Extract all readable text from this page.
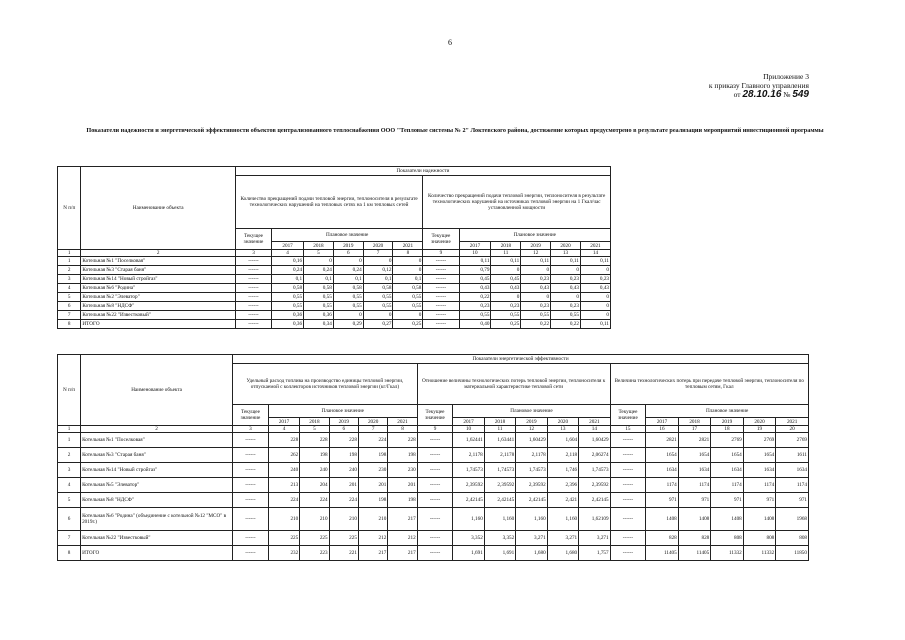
6
Приложение 3
к приказу Главного управления
от 28.10.16 № 549
Показатели надежности и энергетической эффективности объектов централизованного теплоснабжения ООО "Тепловые системы № 2" Локтевского района, достижение которых предусмотрено в результате реализации мероприятий инвестиционной программы
N п/п	Наименование объекта	Показатели надежности											
		Количество прекращений подачи тепловой энергии, теплоносителя в результате технологических нарушений на тепловых сетях на 1 км тепловых сетей						Количество прекращений подачи тепловой энергии, теплоносителя в результате технологических нарушений на источниках тепловой энергии на 1 Гкал/час установленной мощности					
		Текущее значение	Плановое значение					Текущее значение	Плановое значение				
			2017	2018	2019	2020	2021		2017	2018	2019	2020	2021
1	2	3	4	5	6	7	8	9	10	11	12	13	14
1	Котельная №1 "Поселковая"	------	0,16	0	0	0	0	------	0,11	0,11	0,11	0,11	0,11
2	Котельная №3 "Старая баня"	------	0,24	0,24	0,24	0,12	0	------	0,79	0	0	0	0
3	Котельная №14 "Новый стройгаз"	------	0,1	0,1	0,1	0,1	0,1	------	0,45	0,45	0,23	0,23	0,23
4	Котельная №6 "Родина"	------	0,58	0,58	0,58	0,58	0,58	------	0,43	0,43	0,43	0,43	0,43
5	Котельная №2 "Элеватор"	------	0,55	0,55	0,55	0,55	0,55	------	0,22	0	0	0	0
6	Котельная №8 "НДСФ"	------	0,55	0,55	0,55	0,55	0,55	------	0,23	0,23	0,23	0,23	0
7	Котельная №22 "Известковый"	------	0,36	0,36	0	0	0	------	0,55	0,55	0,55	0,55	0
8	ИТОГО	------	0,36	0,34	0,29	0,27	0,25	------	0,40	0,25	0,22	0,22	0,11
N п/п	Наименование объекта	Показатели энергетической эффективности																	
		Удельный расход топлива на производство единицы тепловой энергии, отпускаемой с коллекторов источников тепловой энергии (кг/Гкал)						Отношение величины технологических потерь тепловой энергии, теплоносителя к материальной характеристике тепловой сети						Величина технологических потерь при передаче тепловой энергии, теплоносителя по тепловым сетям, Гкал					
		Текущее значение	Плановое значение					Текущее значение	Плановое значение					Текущее значение	Плановое значение				
			2017	2018	2019	2020	2021		2017	2018	2019	2020	2021		2017	2018	2019	2020	2021
1	2	3	4	5	6	7	8	9	10	11	12	13	14	15	16	17	18	19	20
1	Котельная №1 "Поселковая"	------	228	228	228	224	228	------	1,62441	1,63441	1,60429	1,604	1,60429	------	2821	2821	2769	2769	2769
2	Котельная №3 "Старая баня"	------	262	198	198	198	198	------	2,1178	2,1178	2,1178	2,118	2,06274	------	1654	1654	1654	1654	1611
3	Котельная №14 "Новый стройгаз"	------	240	240	240	230	230	------	1,74573	1,74573	1,74573	1,746	1,74573	------	1634	1634	1634	1634	1634
4	Котельная №5 "Элеватор"	------	213	204	201	201	201	------	2,39592	2,39592	2,39592	2,396	2,39592	------	1174	1174	1174	1174	1174
5	Котельная №8 "НДСФ"	------	224	224	224	198	198	------	2,42145	2,42145	2,42145	2,421	2,42145	------	971	971	971	971	971
6	Котельная №6 "Родина" (объединение с котельной №12 "МСО" в 2019г.)	------	210	210	210	210	217	------	1,160	1,160	1,160	1,160	1,62109	------	1408	1408	1408	1408	1968
7	Котельная №22 "Известковый"	------	225	225	225	212	212	------	3,352	3,352	3,271	3,271	3,271	------	828	828	808	808	808
8	ИТОГО	------	232	223	221	217	217	------	1,691	1,691	1,680	1,680	1,757	------	11405	11405	11332	11332	11850
